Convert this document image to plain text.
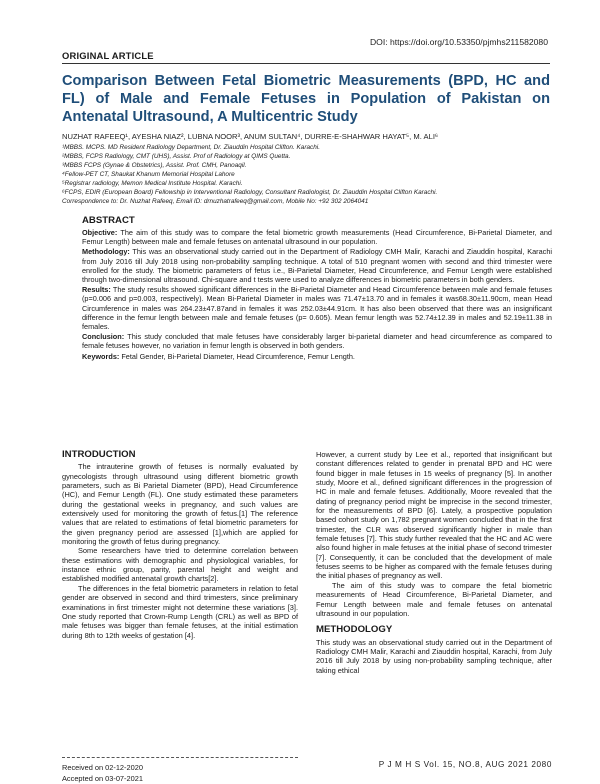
DOI: https://doi.org/10.53350/pjmhs211582080
ORIGINAL ARTICLE
Comparison Between Fetal Biometric Measurements (BPD, HC and FL) of Male and Female Fetuses in Population of Pakistan on Antenatal Ultrasound, A Multicentric Study
NUZHAT RAFEEQ¹, AYESHA NIAZ², LUBNA NOOR³, ANUM SULTAN⁴, DURRE-E-SHAHWAR HAYAT⁵, M. ALI⁶
¹MBBS. MCPS. MD Resident Radiology Department, Dr. Ziauddin Hospital Clifton. Karachi.
²MBBS, FCPS Radiology, CMT (UHS), Assist. Prof of Radiology at QIMS Quetta.
³MBBS FCPS (Gynae & Obstetrics), Assist. Prof. CMH, Panoaqil.
⁴Fellow-PET CT, Shaukat Khanum Memorial Hospital Lahore
⁵Registrar radiology, Memon Medical Institute Hospital. Karachi.
⁶FCPS, EDIR (European Board) Fellowship in Interventional Radiology, Consultant Radiologist, Dr. Ziauddin Hospital Clifton Karachi.
Correspondence to: Dr. Nuzhat Rafeeq, Email ID: drnuzhatrafeeq@gmail.com, Mobile No: +92 302 2064041
ABSTRACT

Objective: The aim of this study was to compare the fetal biometric growth measurements (Head Circumference, Bi-Parietal Diameter, and Femur Length) between male and female fetuses on antenatal ultrasound in our population.

Methodology: This was an observational study carried out in the Department of Radiology CMH Malir, Karachi and Ziauddin hospital, Karachi from July 2016 till July 2018 using non-probability sampling technique. A total of 510 pregnant women with second and third trimester were enrolled for the study. The biometric parameters of fetus i.e., Bi-Parietal Diameter, Head Circumference, and Femur Length were established through two-dimensional ultrasound. Chi-square and t tests were used to analyze differences in biometric parameters in both genders.

Results: The study results showed significant differences in the Bi-Parietal Diameter and Head Circumference between male and female fetuses (p=0.006 and p=0.003, respectively). Mean Bi-Parietal Diameter in males was 71.47±13.70 and in females it was68.30±11.90cm, mean Head Circumference in males was 264.23±47.87and in females it was 252.03±44.91cm. It has also been observed that there was an insignificant difference in the femur length between male and female fetuses (p= 0.605). Mean femur length was 52.74±12.39 in males and 52.19±11.38 in females.

Conclusion: This study concluded that male fetuses have considerably larger bi-parietal diameter and head circumference as compared to female fetuses however, no variation in femur length is observed in both genders.

Keywords: Fetal Gender, Bi-Parietal Diameter, Head Circumference, Femur Length.

INTRODUCTION

The intrauterine growth of fetuses is normally evaluated by gynecologists through ultrasound using different biometric growth parameters, such as Bi Parietal Diameter (BPD), Head Circumference (HC), and Femur Length (FL). One study estimated these parameters during the gestational weeks in pregnancy, and such values are extensively used for monitoring the growth of fetus.[1] The reference values that are related to estimations of fetal biometric parameters for the given pregnancy period are assessed [1],which are applied for monitoring the growth of fetus during pregnancy.

Some researchers have tried to determine correlation between these estimations with demographic and physiological variables, for instance ethnic group, parity, parental height and weight and established modified antenatal growth charts[2].

The differences in the fetal biometric parameters in relation to fetal gender are observed in second and third trimesters, since preliminary examinations in first trimester might not determine these variations [3]. One study reported that Crown-Rump Length (CRL) as well as BPD of male fetuses was bigger than female fetuses, at the initial estimation during 8th to 12th weeks of gestation [4].

However, a current study by Lee et al., reported that insignificant but constant differences related to gender in prenatal BPD and HC were found bigger in male fetuses in 15 weeks of pregnancy [5]. In another study, Moore et al., defined significant differences in the progression of HC in male and female fetuses. Additionally, Moore revealed that the dating of pregnancy period might be imprecise in the second trimester, for the measurements of BPD [6]. Lately, a prospective population based cohort study on 1,782 pregnant women concluded that in the first trimester, the CLR was observed significantly higher in male than female fetuses [7]. This study further revealed that the HC and AC were also found higher in male fetuses at the initial phase of second trimester [7]. Consequently, it can be concluded that the development of male fetuses seems to be higher as compared with the female fetuses during the initial phases of pregnancy as well.

The aim of this study was to compare the fetal biometric measurements of Head Circumference, Bi-Parietal Diameter, and Femur Length between male and female fetuses on antenatal ultrasound in our population.

METHODOLOGY

This study was an observational study carried out in the Department of Radiology CMH Malir, Karachi and Ziauddin hospital, Karachi, from July 2016 till July 2018 by using non-probability sampling technique, after taking ethical

Received on 02-12-2020
Accepted on 03-07-2021
P J M H S Vol. 15, NO.8, AUG 2021 2080
